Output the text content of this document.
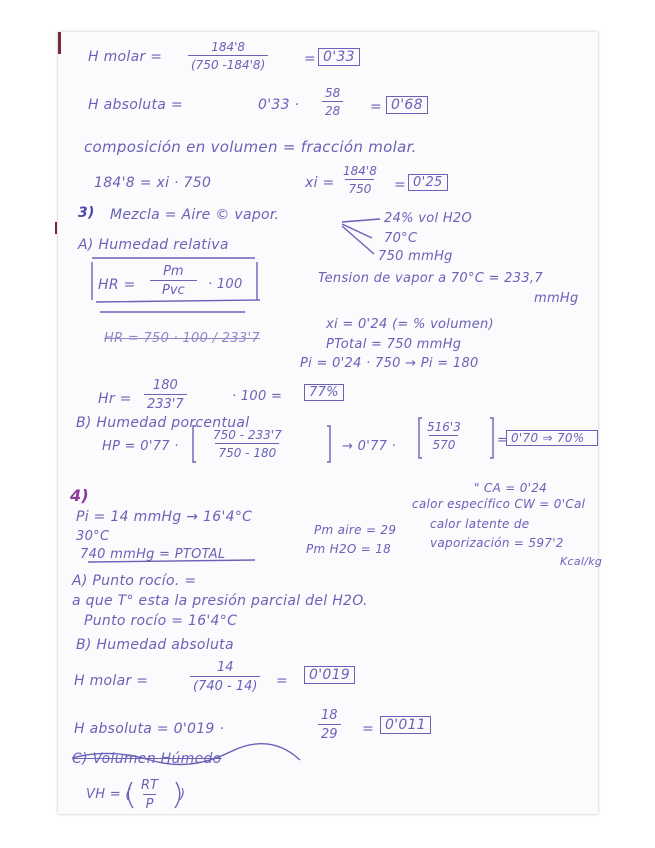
H molar = $\frac{184'8}{(750 -184'8)}$	= 0'33
H absoluta =	$0'33 \cdot \frac{58}{28} = 0'68$
composición en volumen = fracción molar.
184'8 = xi · 750	xi = $\frac{184'8}{750} = 0'25$
3) Mezcla = Aire © vapor.	24% vol H2O
70°C
750 mmHg
A) Humedad relativa
HR =
Pm
Pvc	· 100	Tension de vapor a 70°C = 233,7
mmHg
HR = 750 · 100 / 233'7
xi = 0'24 (= % volumen)
PTotal = 750 mmHg
Pi = 0'24 · 750 → Pi = 180
$Hr = \frac{180}{233'7}$	· 100 =	77%
B) Humedad porcentual
HP = 0'77 ·	$\frac{750 - 233'7}{750 - 180}$	→ $0'77 \cdot \frac{516'3}{570}$	= 0'70 ⇒ 70%
4)	" CA = 0'24
calor específico CW = 0'Cal
Pi = 14 mmHg → 16'4°C
30°C	Pm aire = 29	calor latente de
740 mmHg = PTOTAL	Pm H2O = 18	vaporización = 597'2
Kcal/kg
A) Punto rocío. =
a que T° esta la presión parcial del H2O.
Punto rocío = 16'4°C
B) Humedad absoluta
H molar =	$\frac{14}{(740 - 14)}$ =	0'019
H absoluta = 0'019 ·	$\frac{18}{29} = 0'011$
C) Volumen Húmedo
VH = ( $\frac{RT}{P}$ )
